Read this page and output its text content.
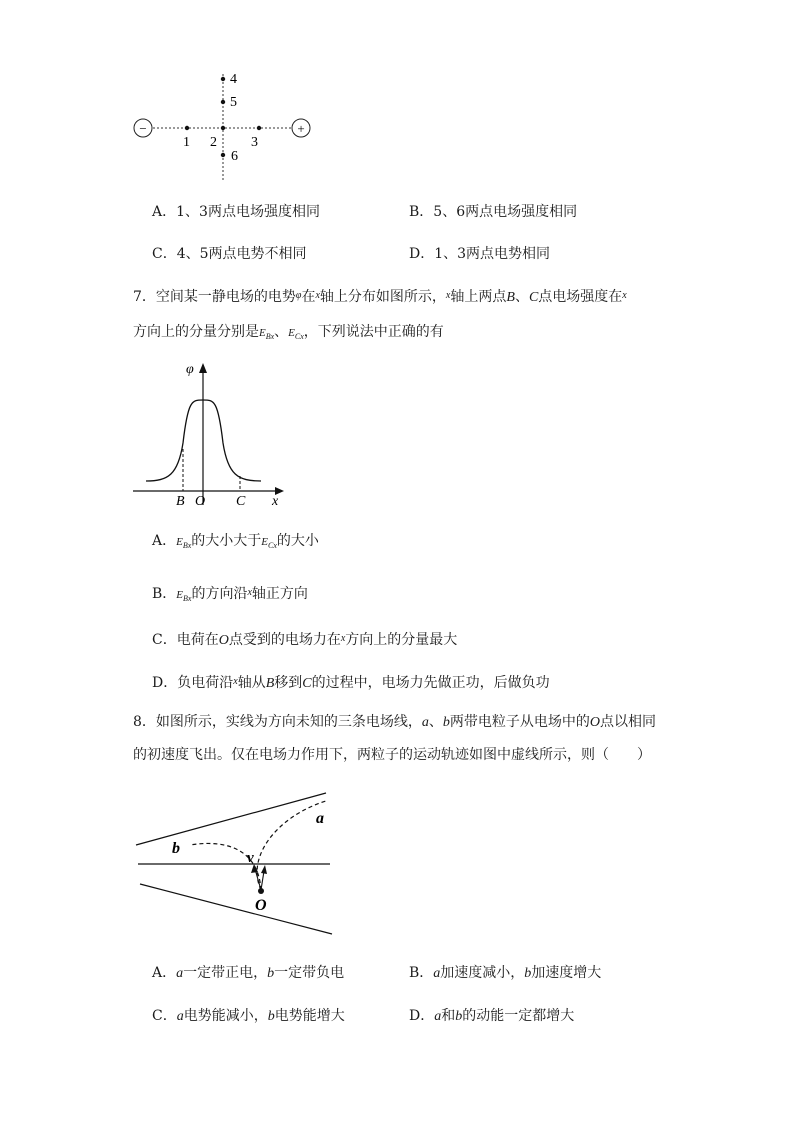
−	+
1 2 3
4
5
6
A．1、3两点电场强度相同	B．5、6两点电场强度相同
C．4、5两点电势不相同	D．1、3两点电势相同
7．空间某一静电场的电势$^\varphi$在$^x$轴上分布如图所示，$^x$轴上两点B、C点电场强度在$^x$
方向上的分量分别是$E_{Bx}$、$E_{Cx}$，下列说法中正确的有
φ
B O C x
A．$E_{Bx}$的大小大于$E_{Cx}$的大小
B．$E_{Bx}$的方向沿$^x$轴正方向
C．电荷在O点受到的电场力在$^x$方向上的分量最大
D．负电荷沿$^x$轴从B移到C的过程中，电场力先做正功，后做负功
8．如图所示，实线为方向未知的三条电场线，a、b两带电粒子从电场中的O点以相同
的初速度飞出。仅在电场力作用下，两粒子的运动轨迹如图中虚线所示，则（　　）
a
b
v
O
A．a一定带正电，b一定带负电	B．a加速度减小，b加速度增大
C．a电势能减小，b电势能增大	D．a和b的动能一定都增大
